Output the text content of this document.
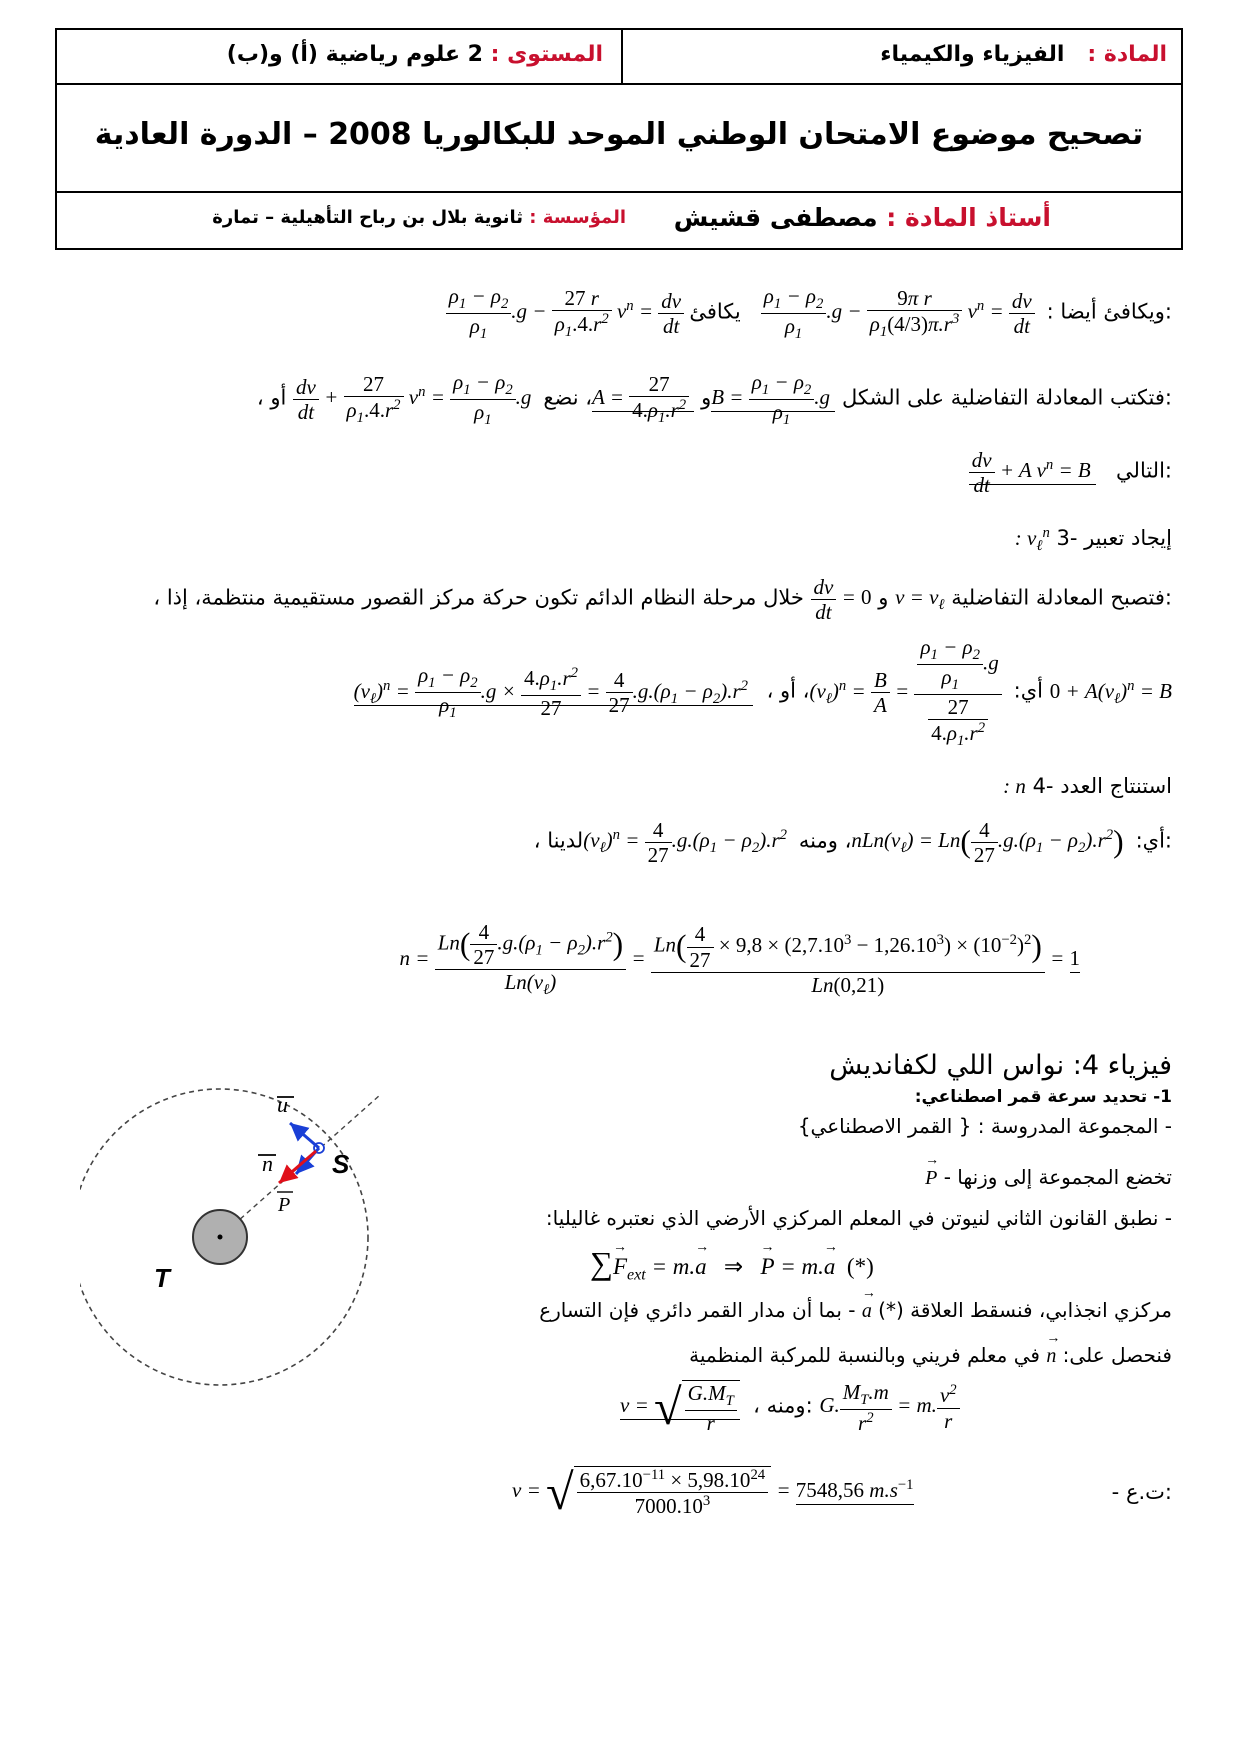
المادة :   الفيزياء والكيمياء
المستوى : 2 علوم رياضية (أ) و(ب)
تصحيح موضوع الامتحان الوطني الموحد للبكالوريا 2008 – الدورة العادية
أستاذ المادة : مصطفى قشيش
المؤسسة : ثانوية بلال بن رباح التأهيلية – تمارة
$\frac{\rho_1 - \rho_2}{\rho_1} .g - \frac{27 r}{\rho_1.4.r^2} v^n = \frac{dv}{dt}$	ويكافئ أيضا :
$\frac{\rho_1 - \rho_2}{\rho_1} .g - \frac{\text{9π r}}{\rho_1(4/3)\pi.r^3} v^n = \frac{dv}{dt}$
يكافئ:
، فتكتب المعادلة التفاضلية على الشكل $B = \frac{\rho_1 - \rho_2}{\rho_1} .g$ و $A = \frac{27}{4.\rho_1.r^2}$
، نضع
$\frac{dv}{dt} + \frac{27}{\rho_1.4.r^2} v^n = \frac{\rho_1 - \rho_2}{\rho_1} .g$  أو:
$\frac{dv}{dt} + A$ $v^n = B$    التالي:
: $v_\ell^n$ 3- إيجاد تعبير
، فتصبح المعادلة التفاضلية $v = v_\ell$ و
$\frac{dv}{dt} = 0$ خلال مرحلة النظام الدائم تكون حركة مركز القصور مستقيمية منتظمة، إذا:
$(v_\ell)^n = \frac{\rho_1 - \rho_2}{\rho_1} .g \times \frac{4.\rho_1.r^2}{27} = \frac{4}{27} .g.(\rho_1 - \rho_2).r^2$ ، أي: $(v_\ell)^n = \frac{B}{A} = \frac{\frac{\rho_1 - \rho_2}{\rho_1} .g}{\frac{27}{4.\rho_1.r^2}}$
، أو	$0 + A(v_\ell)^n = B$
: n 4- استنتاج العدد
، أي: $nLn(v_\ell) = Ln( \frac{4}{27} .g.(\rho_1 - \rho_2).r^2)$ ، ومنه $(v_\ell)^n = \frac{4}{27} .g.(\rho_1 - \rho_2).r^2$ لدينا:
$n = \frac{Ln( \frac{4}{27} .g.(\rho_1 - \rho_2).r^2)}{Ln(v_\ell)} = \frac{Ln( \frac{4}{27} \times 9,8 \times (2,7.10^3 - 1,26.10^3) \times (10^{-2})^2)}{Ln(0,21)} = 1$
فيزياء 4: نواس اللي لكفانديش
1- تحديد سرعة قمر اصطناعي:
- المجموعة المدروسة : { القمر الاصطناعي}
→ P - تخضع المجموعة إلى وزنها
- نطبق القانون الثاني لنيوتن في المعلم المركزي الأرضي الذي نعتبره غاليليا:
∑→ $F_{ext} = m.\to a$ ⇒   → P = m.→ a (*)
مركزي انجذابي، فنسقط العلاقة (*) → a - بما أن مدار القمر دائري فإن التسارع
فنحصل على: → n في معلم فريني وبالنسبة للمركبة المنظمية
v = √ $\frac{G.M_T}{r}$ ، ومنه: G. $\frac{M_T.m}{r^2} = m$. $\frac{v^2}{r}$
- ت.ع:
v = √ $\frac{6,67.10^{-11} \times 5,98.10^{24}}{7000.10^3} = 7548,56$ $m.s^{-1}$
T
S
u
n
P
